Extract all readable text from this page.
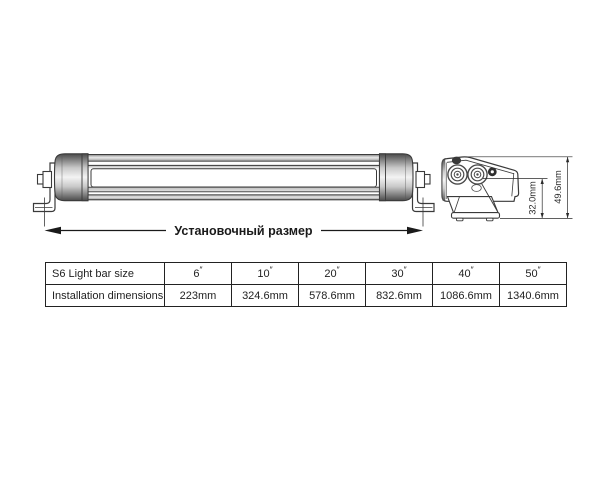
Установочный размер
32.0mm 49.6mm
S6 Light bar size	6″	10″	20″	30″	40″	50″
Installation dimensions	223mm	324.6mm	578.6mm	832.6mm	1086.6mm	1340.6mm
